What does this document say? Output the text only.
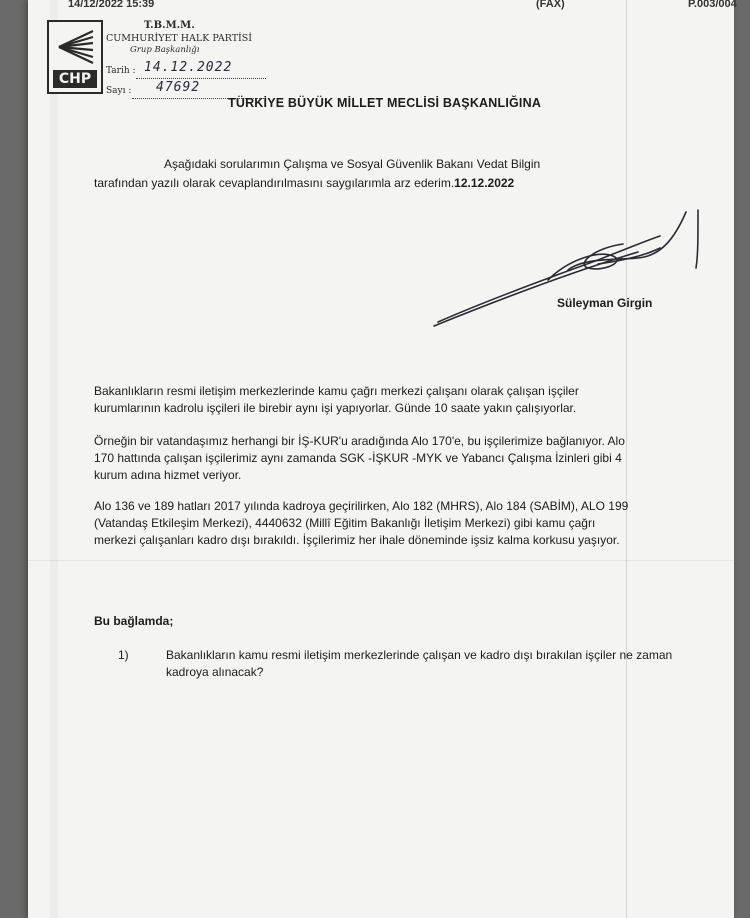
14/12/2022 15:39	(FAX)	P.003/004
CHP
T.B.M.M.
CUMHURİYET HALK PARTİSİ
Grup Başkanlığı
Tarih : 14.12.2022
Sayı : 47692
TÜRKİYE BÜYÜK MİLLET MECLİSİ BAŞKANLIĞINA
Aşağıdaki sorularımın Çalışma ve Sosyal Güvenlik Bakanı Vedat Bilgin tarafından yazılı olarak cevaplandırılmasını saygılarımla arz ederim.12.12.2022
Süleyman Girgin
Bakanlıkların resmi iletişim merkezlerinde kamu çağrı merkezi çalışanı olarak çalışan işçiler kurumlarının kadrolu işçileri ile birebir aynı işi yapıyorlar. Günde 10 saate yakın çalışıyorlar.
Örneğin bir vatandaşımız herhangi bir İŞ-KUR'u aradığında Alo 170'e, bu işçilerimize bağlanıyor. Alo 170 hattında çalışan işçilerimiz aynı zamanda SGK -İŞKUR -MYK ve Yabancı Çalışma İzinleri gibi 4 kurum adına hizmet veriyor.
Alo 136 ve 189 hatları 2017 yılında kadroya geçirilirken, Alo 182 (MHRS), Alo 184 (SABİM), ALO 199 (Vatandaş Etkileşim Merkezi), 4440632 (Millî Eğitim Bakanlığı İletişim Merkezi) gibi kamu çağrı merkezi çalışanları kadro dışı bırakıldı. İşçilerimiz her ihale döneminde işsiz kalma korkusu yaşıyor.
Bu bağlamda;
1)	Bakanlıkların kamu resmi iletişim merkezlerinde çalışan ve kadro dışı bırakılan işçiler ne zaman kadroya alınacak?
